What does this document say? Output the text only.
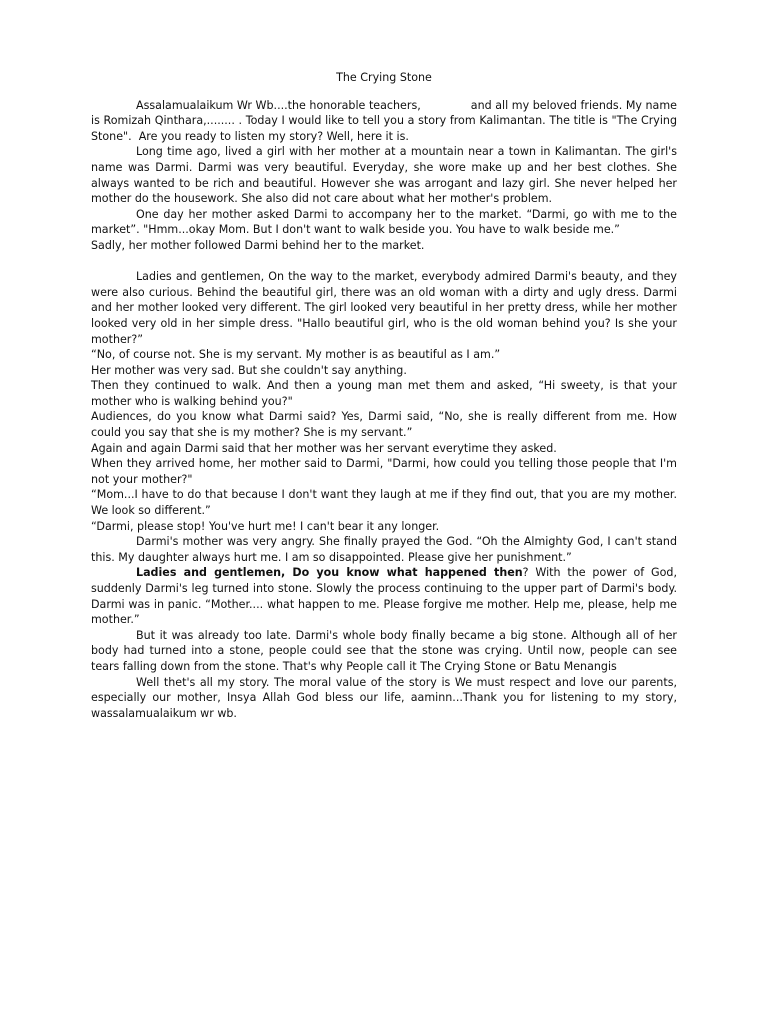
The Crying Stone

Assalamualaikum Wr Wb....the honorable teachers,              and all my beloved friends. My name is Romizah Qinthara,........ . Today I would like to tell you a story from Kalimantan. The title is "The Crying Stone".  Are you ready to listen my story? Well, here it is.

Long time ago, lived a girl with her mother at a mountain near a town in Kalimantan. The girl's name was Darmi. Darmi was very beautiful. Everyday, she wore make up and her best clothes. She always wanted to be rich and beautiful. However she was arrogant and lazy girl. She never helped her mother do the housework. She also did not care about what her mother's problem.

One day her mother asked Darmi to accompany her to the market. “Darmi, go with me to the market”. "Hmm...okay Mom. But I don't want to walk beside you. You have to walk beside me.”

Sadly, her mother followed Darmi behind her to the market.

Ladies and gentlemen, On the way to the market, everybody admired Darmi's beauty, and they were also curious. Behind the beautiful girl, there was an old woman with a dirty and ugly dress. Darmi and her mother looked very different. The girl looked very beautiful in her pretty dress, while her mother looked very old in her simple dress. "Hallo beautiful girl, who is the old woman behind you? Is she your mother?”

“No, of course not. She is my servant. My mother is as beautiful as I am.”

Her mother was very sad. But she couldn't say anything.

Then they continued to walk. And then a young man met them and asked, “Hi sweety, is that your mother who is walking behind you?"

Audiences, do you know what Darmi said? Yes, Darmi said, “No, she is really different from me. How could you say that she is my mother? She is my servant.”

Again and again Darmi said that her mother was her servant everytime they asked.

When they arrived home, her mother said to Darmi, "Darmi, how could you telling those people that I'm not your mother?"

“Mom...I have to do that because I don't want they laugh at me if they find out, that you are my mother. We look so different.”

“Darmi, please stop! You've hurt me! I can't bear it any longer.

Darmi's mother was very angry. She finally prayed the God. “Oh the Almighty God, I can't stand this. My daughter always hurt me. I am so disappointed. Please give her punishment.”

Ladies and gentlemen, Do you know what happened then? With the power of God, suddenly Darmi's leg turned into stone. Slowly the process continuing to the upper part of Darmi's body. Darmi was in panic. “Mother.... what happen to me. Please forgive me mother. Help me, please, help me mother.”

But it was already too late. Darmi's whole body finally became a big stone. Although all of her body had turned into a stone, people could see that the stone was crying. Until now, people can see tears falling down from the stone. That's why People call it The Crying Stone or Batu Menangis

Well thet's all my story. The moral value of the story is We must respect and love our parents, especially our mother, Insya Allah God bless our life, aaminn...Thank you for listening to my story, wassalamualaikum wr wb.
